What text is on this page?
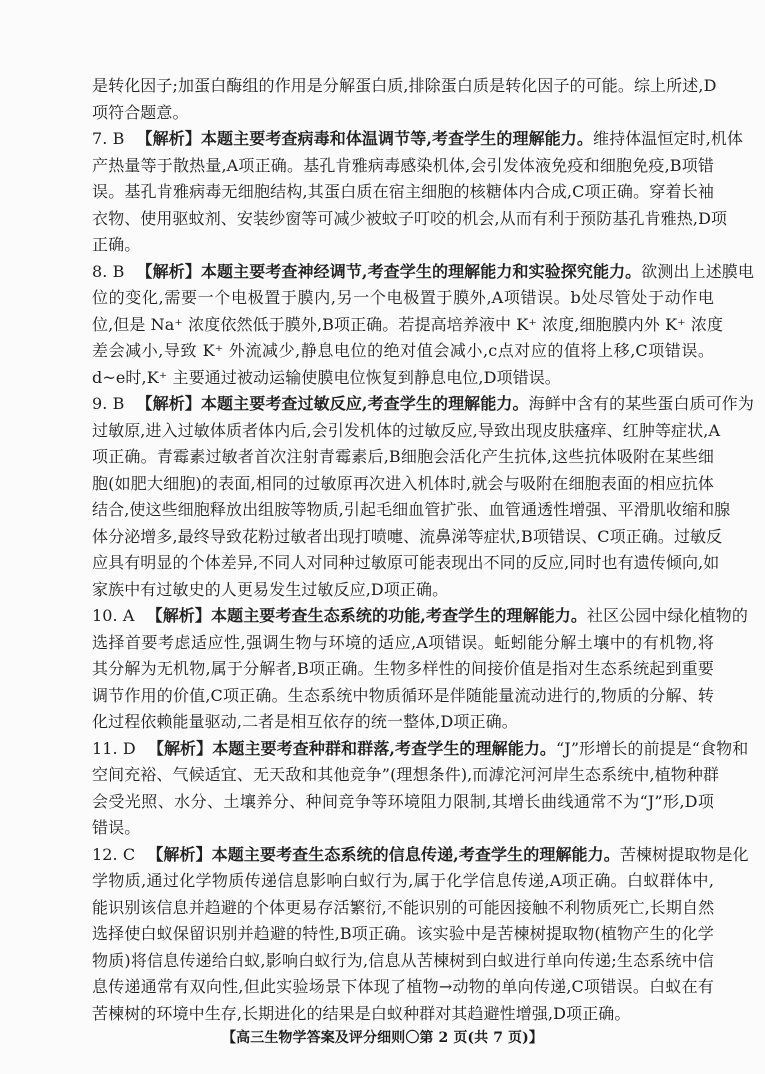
是转化因子;加蛋白酶组的作用是分解蛋白质,排除蛋白质是转化因子的可能。综上所述,D
项符合题意。
7. B 【解析】本题主要考查病毒和体温调节等,考查学生的理解能力。维持体温恒定时,机体
产热量等于散热量,A项正确。基孔肯雅病毒感染机体,会引发体液免疫和细胞免疫,B项错
误。基孔肯雅病毒无细胞结构,其蛋白质在宿主细胞的核糖体内合成,C项正确。穿着长袖
衣物、使用驱蚊剂、安装纱窗等可减少被蚊子叮咬的机会,从而有利于预防基孔肯雅热,D项
正确。
8. B 【解析】本题主要考查神经调节,考查学生的理解能力和实验探究能力。欲测出上述膜电
位的变化,需要一个电极置于膜内,另一个电极置于膜外,A项错误。b处尽管处于动作电
位,但是 Na⁺ 浓度依然低于膜外,B项正确。若提高培养液中 K⁺ 浓度,细胞膜内外 K⁺ 浓度
差会减小,导致 K⁺ 外流减少,静息电位的绝对值会减小,c点对应的值将上移,C项错误。
d~e时,K⁺ 主要通过被动运输使膜电位恢复到静息电位,D项错误。
9. B 【解析】本题主要考查过敏反应,考查学生的理解能力。海鲜中含有的某些蛋白质可作为
过敏原,进入过敏体质者体内后,会引发机体的过敏反应,导致出现皮肤瘙痒、红肿等症状,A
项正确。青霉素过敏者首次注射青霉素后,B细胞会活化产生抗体,这些抗体吸附在某些细
胞(如肥大细胞)的表面,相同的过敏原再次进入机体时,就会与吸附在细胞表面的相应抗体
结合,使这些细胞释放出组胺等物质,引起毛细血管扩张、血管通透性增强、平滑肌收缩和腺
体分泌增多,最终导致花粉过敏者出现打喷嚏、流鼻涕等症状,B项错误、C项正确。过敏反
应具有明显的个体差异,不同人对同种过敏原可能表现出不同的反应,同时也有遗传倾向,如
家族中有过敏史的人更易发生过敏反应,D项正确。
10. A 【解析】本题主要考查生态系统的功能,考查学生的理解能力。社区公园中绿化植物的
选择首要考虑适应性,强调生物与环境的适应,A项错误。蚯蚓能分解土壤中的有机物,将
其分解为无机物,属于分解者,B项正确。生物多样性的间接价值是指对生态系统起到重要
调节作用的价值,C项正确。生态系统中物质循环是伴随能量流动进行的,物质的分解、转
化过程依赖能量驱动,二者是相互依存的统一整体,D项正确。
11. D 【解析】本题主要考查种群和群落,考查学生的理解能力。“J”形增长的前提是“食物和
空间充裕、气候适宜、无天敌和其他竞争”(理想条件),而滹沱河河岸生态系统中,植物种群
会受光照、水分、土壤养分、种间竞争等环境阻力限制,其增长曲线通常不为“J”形,D项
错误。
12. C 【解析】本题主要考查生态系统的信息传递,考查学生的理解能力。苦楝树提取物是化
学物质,通过化学物质传递信息影响白蚁行为,属于化学信息传递,A项正确。白蚁群体中,
能识别该信息并趋避的个体更易存活繁衍,不能识别的可能因接触不利物质死亡,长期自然
选择使白蚁保留识别并趋避的特性,B项正确。该实验中是苦楝树提取物(植物产生的化学
物质)将信息传递给白蚁,影响白蚁行为,信息从苦楝树到白蚁进行单向传递;生态系统中信
息传递通常有双向性,但此实验场景下体现了植物→动物的单向传递,C项错误。白蚁在有
苦楝树的环境中生存,长期进化的结果是白蚁种群对其趋避性增强,D项正确。
【高三生物学答案及评分细则〇第 2 页(共 7 页)】
